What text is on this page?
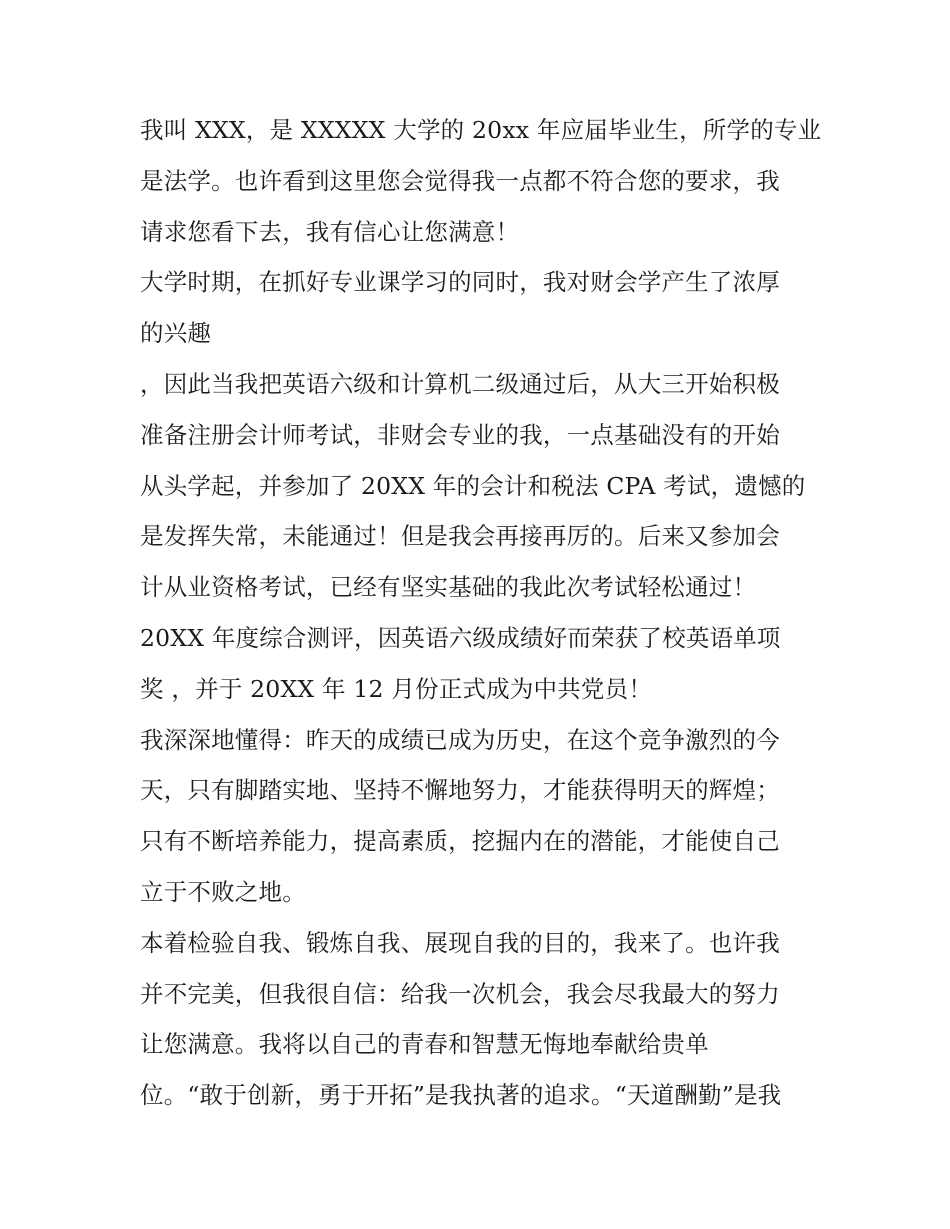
我叫 XXX，是 XXXXX 大学的 20xx 年应届毕业生，所学的专业
是法学。也许看到这里您会觉得我一点都不符合您的要求，我
请求您看下去，我有信心让您满意！
大学时期，在抓好专业课学习的同时，我对财会学产生了浓厚
的兴趣
，因此当我把英语六级和计算机二级通过后，从大三开始积极
准备注册会计师考试，非财会专业的我，一点基础没有的开始
从头学起，并参加了 20XX 年的会计和税法 CPA 考试，遗憾的
是发挥失常，未能通过！但是我会再接再厉的。后来又参加会
计从业资格考试，已经有坚实基础的我此次考试轻松通过！
20XX 年度综合测评，因英语六级成绩好而荣获了校英语单项
奖 ，并于 20XX 年 12 月份正式成为中共党员！
我深深地懂得：昨天的成绩已成为历史，在这个竞争激烈的今
天，只有脚踏实地、坚持不懈地努力，才能获得明天的辉煌；
只有不断培养能力，提高素质，挖掘内在的潜能，才能使自己
立于不败之地。
本着检验自我、锻炼自我、展现自我的目的，我来了。也许我
并不完美，但我很自信：给我一次机会，我会尽我最大的努力
让您满意。我将以自己的青春和智慧无悔地奉献给贵单
位。“敢于创新，勇于开拓”是我执著的追求。“天道酬勤”是我
